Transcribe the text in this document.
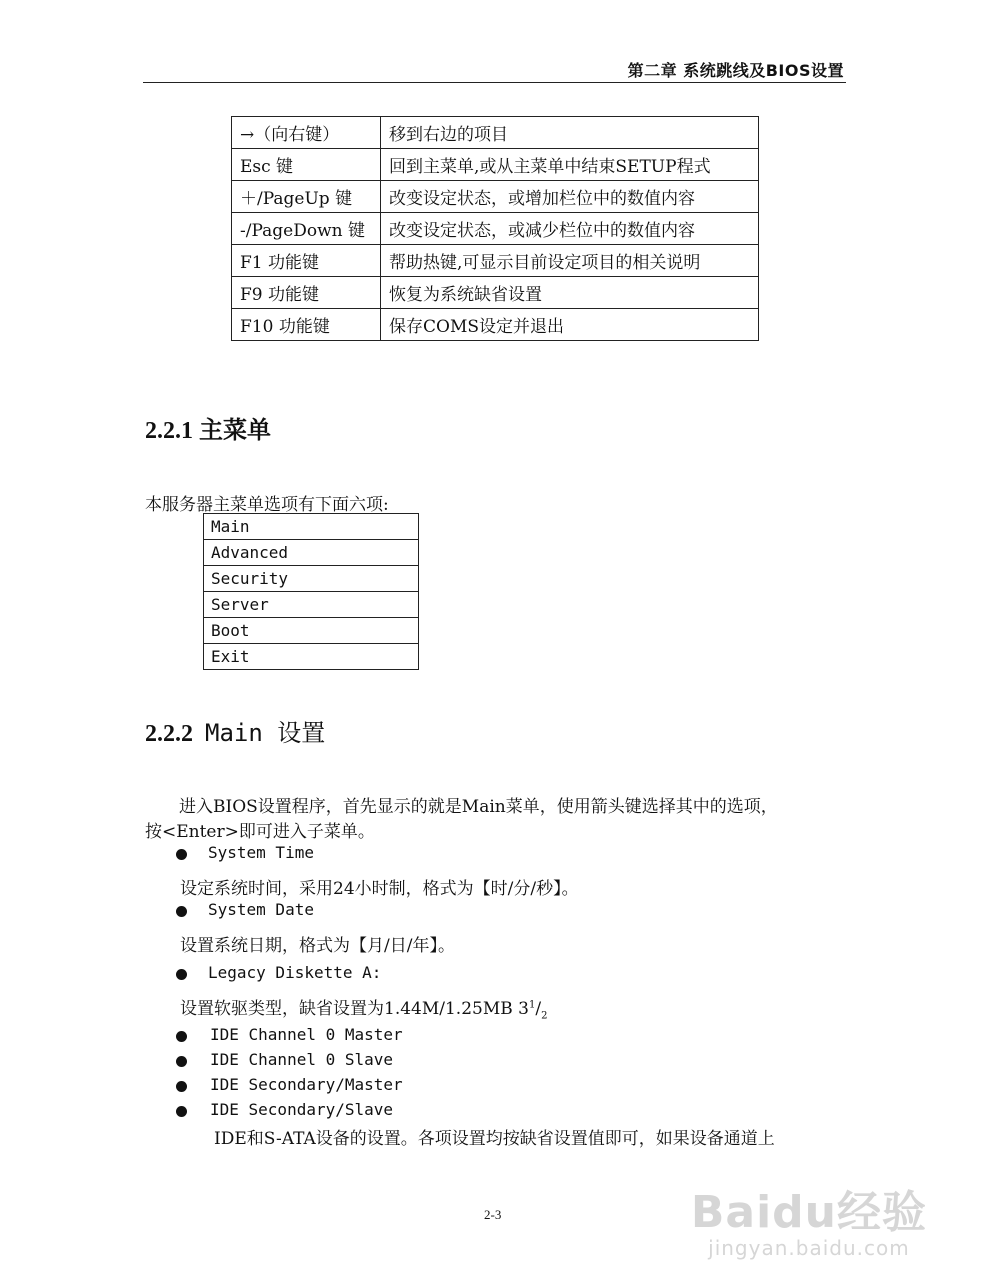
第二章 系统跳线及BIOS设置
→（向右键）	移到右边的项目
Esc 键	回到主菜单,或从主菜单中结束SETUP程式
＋/PageUp 键	改变设定状态，或增加栏位中的数值内容
-/PageDown 键	改变设定状态，或减少栏位中的数值内容
F1 功能键	帮助热键,可显示目前设定项目的相关说明
F9 功能键	恢复为系统缺省设置
F10 功能键	保存COMS设定并退出
2.2.1 主菜单
本服务器主菜单选项有下面六项:
Main
Advanced
Security
Server
Boot
Exit
2.2.2 Main 设置
进入BIOS设置程序，首先显示的就是Main菜单，使用箭头键选择其中的选项，
按<Enter>即可进入子菜单。
System Time
设定系统时间，采用24小时制，格式为【时/分/秒】。
System Date
设置系统日期，格式为【月/日/年】。
Legacy Diskette A:
设置软驱类型，缺省设置为1.44M/1.25MB $3^1/_2$
IDE Channel 0 Master
IDE Channel 0 Slave
IDE Secondary/Master
IDE Secondary/Slave
IDE和S-ATA设备的设置。各项设置均按缺省设置值即可，如果设备通道上
2-3	Baidu经验
jingyan.baidu.com
